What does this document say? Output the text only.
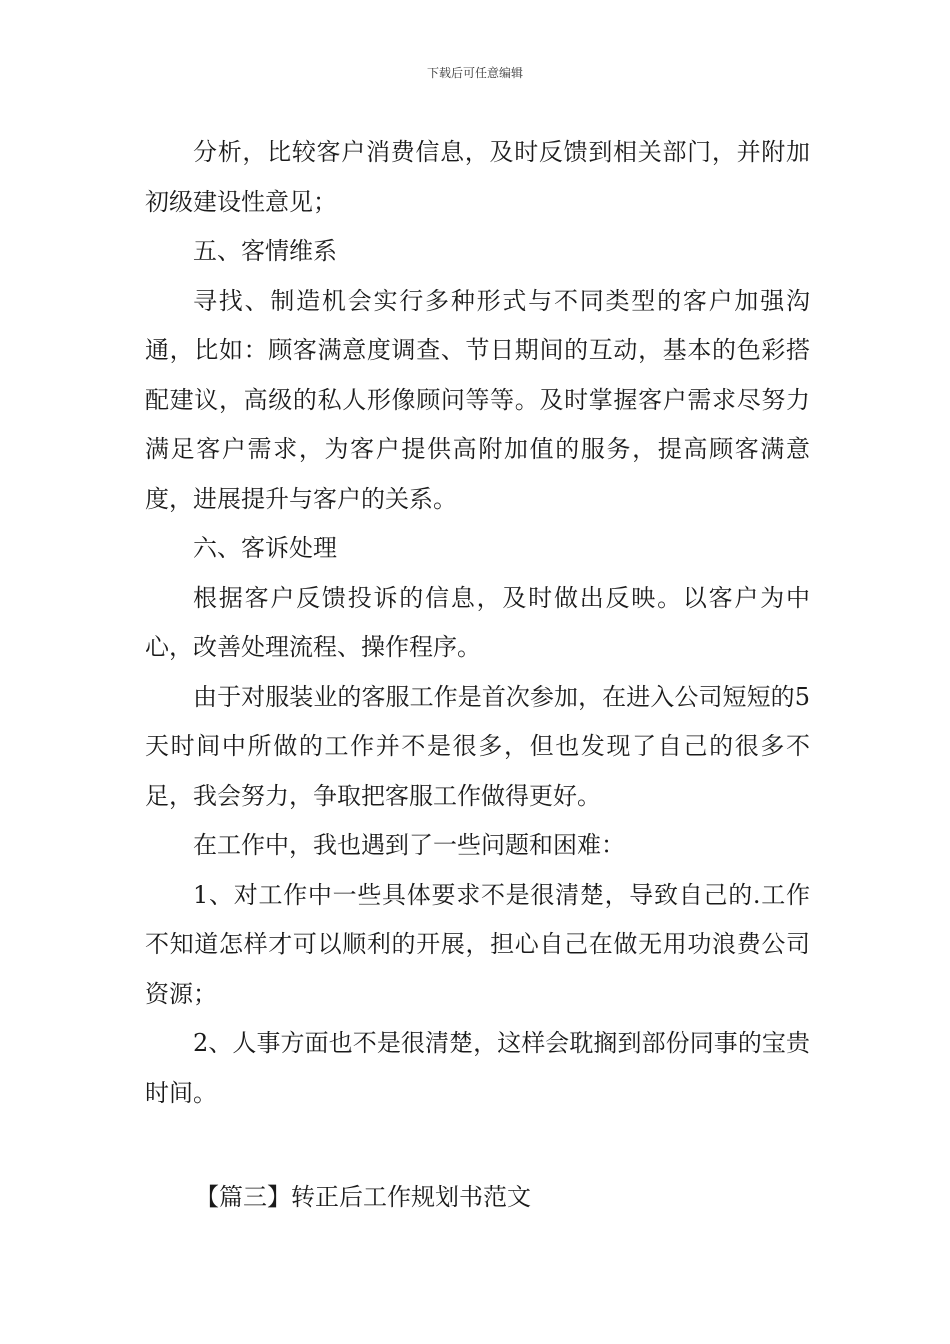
下载后可任意编辑

分析，比较客户消费信息，及时反馈到相关部门，并附加初级建设性意见；

五、客情维系

寻找、制造机会实行多种形式与不同类型的客户加强沟通，比如：顾客满意度调查、节日期间的互动，基本的色彩搭配建议，高级的私人形像顾问等等。及时掌握客户需求尽努力满足客户需求，为客户提供高附加值的服务，提高顾客满意度，进展提升与客户的关系。

六、客诉处理

根据客户反馈投诉的信息，及时做出反映。以客户为中心，改善处理流程、操作程序。

由于对服装业的客服工作是首次参加，在进入公司短短的5天时间中所做的工作并不是很多，但也发现了自己的很多不足，我会努力，争取把客服工作做得更好。

在工作中，我也遇到了一些问题和困难：

1、对工作中一些具体要求不是很清楚，导致自己的.工作不知道怎样才可以顺利的开展，担心自己在做无用功浪费公司资源；

2、人事方面也不是很清楚，这样会耽搁到部份同事的宝贵时间。

【篇三】转正后工作规划书范文
